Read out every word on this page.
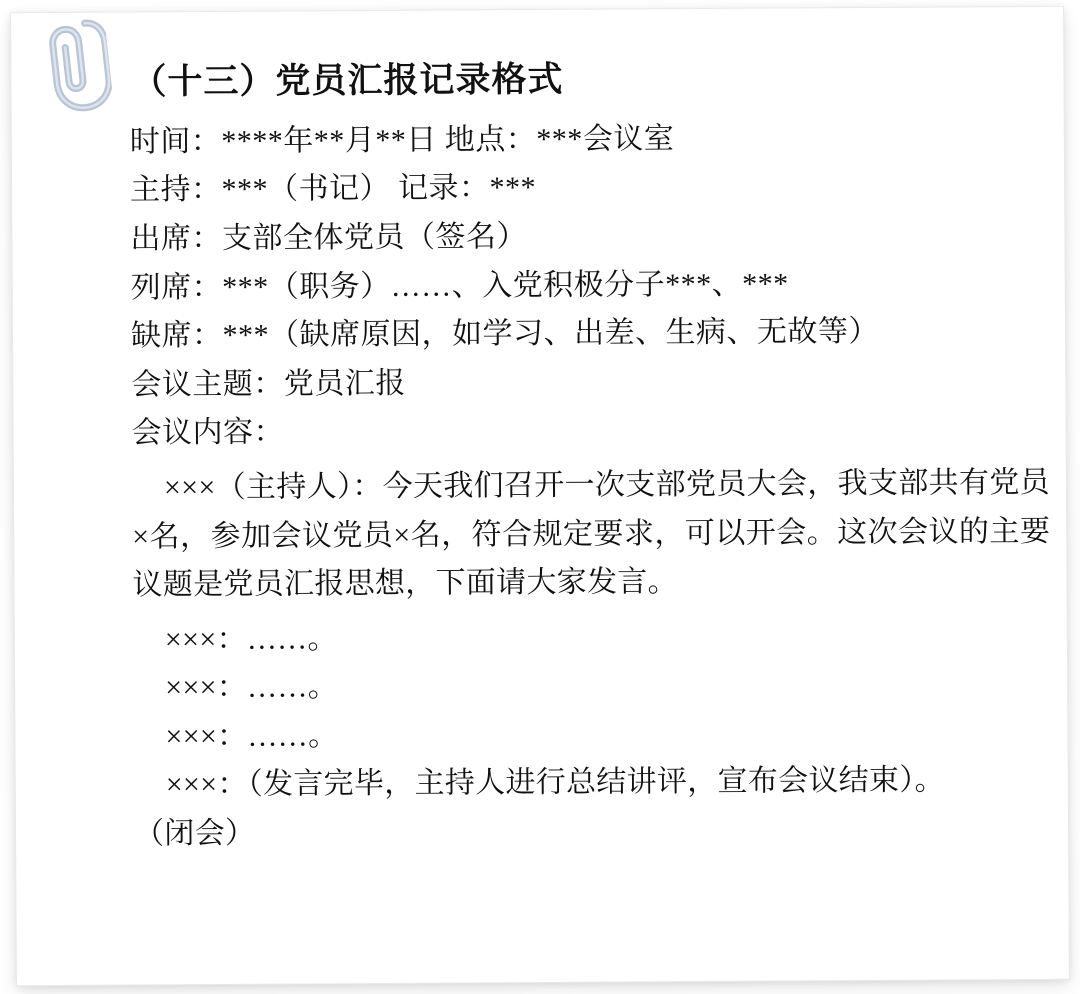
（十三）党员汇报记录格式

时间：****年**月**日 地点：***会议室

主持：***（书记） 记录：***

出席：支部全体党员（签名）

列席：***（职务）……、入党积极分子***、***

缺席：***（缺席原因，如学习、出差、生病、无故等）

会议主题：党员汇报

会议内容：

×××（主持人）：今天我们召开一次支部党员大会，我支部共有党员×名，参加会议党员×名，符合规定要求，可以开会。这次会议的主要议题是党员汇报思想，下面请大家发言。

×××：……。

×××：……。

×××：……。

×××：（发言完毕，主持人进行总结讲评，宣布会议结束）。

（闭会）
